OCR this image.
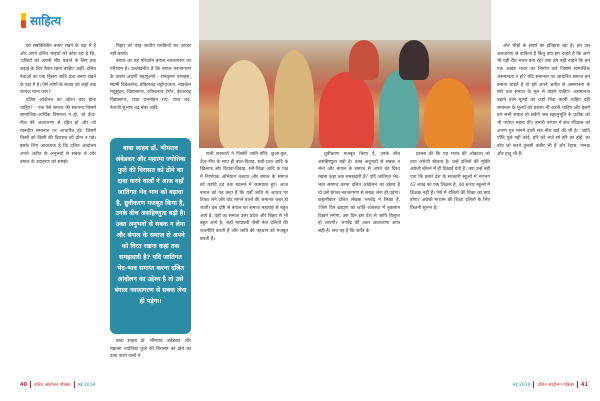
साहित्य

को सबक्तिशीन बनाए रखने के पक्ष में है और अपने दलित भाइयों को कोस रहा है कि, 'दलितों को अपनी सीट बचाने के लिए हक लड़ाई के लिए तैयार रहना चाहिए' कहीं, दलित नेताओं का एक हिस्सा जाति प्रथा बनाए रखने के पक्ष में है। ऐसे लोगों के संवाद को कहाँ तक जायज़ माना जाए?

दलित आंदोलन का उद्देश्य क्या होना चाहिए? - एक ऐसे समाज की स्थापना जिसमें सामाजिक-आर्थिक विषमता न हो, जो ऊँच-नीच की अवधारणा से रहित हो और जो मानवीय समानता पर आधारित हो। जिसमें किसी को किसी की विरासत को ढोना न पड़े। इसके लिए आवश्यक है कि दलित आंदोलन अपने अतीत के अनुभवों से सबक ले और बंगाल के उदाहरण को समझे।

विहार को तरह जातीय धमकियाँ का आधार नहीं बनाये।

बंगाल का यह परिवर्तन बंगाल नवजागरण का परिणाम है। उल्लेखनीय है कि बंगाल नवजागरण के तमाम अग्रणी महापुरुषों - रामकृष्ण परमहंस, स्वामी विवेकानंद, बंकिमचंद्र चट्टोपाध्याय, माइकेल मधुसूदन, विद्यासागर, रवीन्द्रनाथ टैगोर, ईश्वरचंद्र विद्यासागर, राजा राममोहन राय, शरत चंद्र, नेताजी सुभाष चंद्र बोस आदि

बाबा साहब डॉ. भीमराव अंबेडकर और महात्मा ज्योतिबा फुले की विरासत को ढोने का दावा करने वालों ने आज वहाँ जातिगत भेद भाव को बढ़ावा है, ध्रुवीकरण मजबूत किया है, उनके बीच असहिष्णुता बढ़ी है। उक्त अनुभवों से सबक न लेना और बंगाल के समाज से अपने को विरत रखना कहां तक समझदारी है? यदि जातिगत भेद-भाव समाप्त करना दलित आंदोलन का उद्देश्य है तो उसे बंगाल नवजागरण से सबक लेना ही पड़ेगा।

बावा साहब डॉ. भीमराव अंबेडकर और महात्मा ज्योतिबा फुले की विरासत को ढोने का दावा करने वालों ने

सभी सरकारों ने जिसोर्रे जाति-पाँति, छुआ-छूत, ऊँच-नीच के साथ ही बाल-विवाह, सती-प्रथा आदि के खिलाफ और विधवा-विवाह, स्त्री-शिक्षा आदि के पक्ष में निर्णायक अभियान चलाया और बंगाल के समाज को काफी हद तक बदलने में कामयाब हुए। आज बंगाल को यह कहा है कि यहाँ जाति के आधार पर टिकट लेने और वोट मांगने वालों की जमानत जब्त हो जाती। इस दृष्टि से बंगाल का समाज महाराष्ट्र से बहुत आगे है, यहाँ का समाज उत्तर प्रदेश और बिहार से भी बहुत आगे है, जहाँ मायावती जैसी नेता दलितों की राजनीति करती हैं और जाति की पहचान को मजबूत करती हैं।

ध्रुवीकरण मजबूत किया है, उनके बीच असहिष्णुता बढ़ी है। उक्त अनुभवों से सबक न लेना और बंगाल के समाज से अपने को विरत रखना कहां तक समझदारी है? यदि जातिगत भेद-भाव समाप्त करना दलित आंदोलन का उद्देश्य है तो उसे बंगाल नवजागरण से सबक लेना ही पड़ेगा। कहानीकार दलित लेखक भगवेंद्र ने लिखा है, 'जिस दिन ब्राह्मण को जाति व्यवस्था में नुकसान दिखने लगेगा, उस दिन इस देश से जाति विलुप्त हो जाएगी।' भगवेंद्र की उक्त अवधारणा आज सही है। सच यह है कि जाति के

प्रशंसा की कि यह भारत की ओकाला को तथा अंग्रेजी बोलता है। उन्हें दलितों की मुक्ति अंग्रेजी बोलने में ही दिखाई देती है। क्या उन्हें नहीं पता कि हमारे देश के सरकारी स्कूलों में लगभग 42 लाख का एक शिक्षक है, 40 हजार स्कूलों में शिक्षक नहीं हैं। ऐसे में दलितों की शिक्षा का क्या होगा? अंग्रेजी माध्यम की शिक्षा दलितों के लिए कितनी सुलभ है।

और भीड़ों के संघर्ष का इतिहास रहा है। हम उस अवधारणा से वाकिफ हैं किंतु क्या हम चाहते हैं कि आगे भी यही रीत भारत बना रहे? क्या हम नहीं चाहते कि हम एक अखंड भारत का निर्माण करें जिसमें सामाजिक असमानता न हो? यदि समानता पर आधारित समाज हम बनाना चाहते हैं तो हमें अपने अतीत से असमानता के सारे तत्व समाज के मूल से तोड़ने चाहिए। असमानता बढ़ाने वाले मूल्यों को जहाँ निंदा करनी चाहिए वहीं समानता के मूल्यों को प्रशंसा भी करनी चाहिए और इसमें हम सभी सफल हो सकेंगे जब सहानुभूति के प्रतीक को भी पर्याप्त महत्व देंगे। हमारी परंपरा में संत रविदास को अपना गुरु मानने वाली संत मीरा बाई की भी है। 'जाति पाँति पूछे नहीं कोई, हरि को भजे सो हरि का होई' का बोध जो करते तुलसी कबीर भी हैं और रैदास, नानक और दादू भी हैं।

40 दलित आंदोलन पत्रिका मई 2019	मई 2019 दलित आंदोलन पत्रिका 41
